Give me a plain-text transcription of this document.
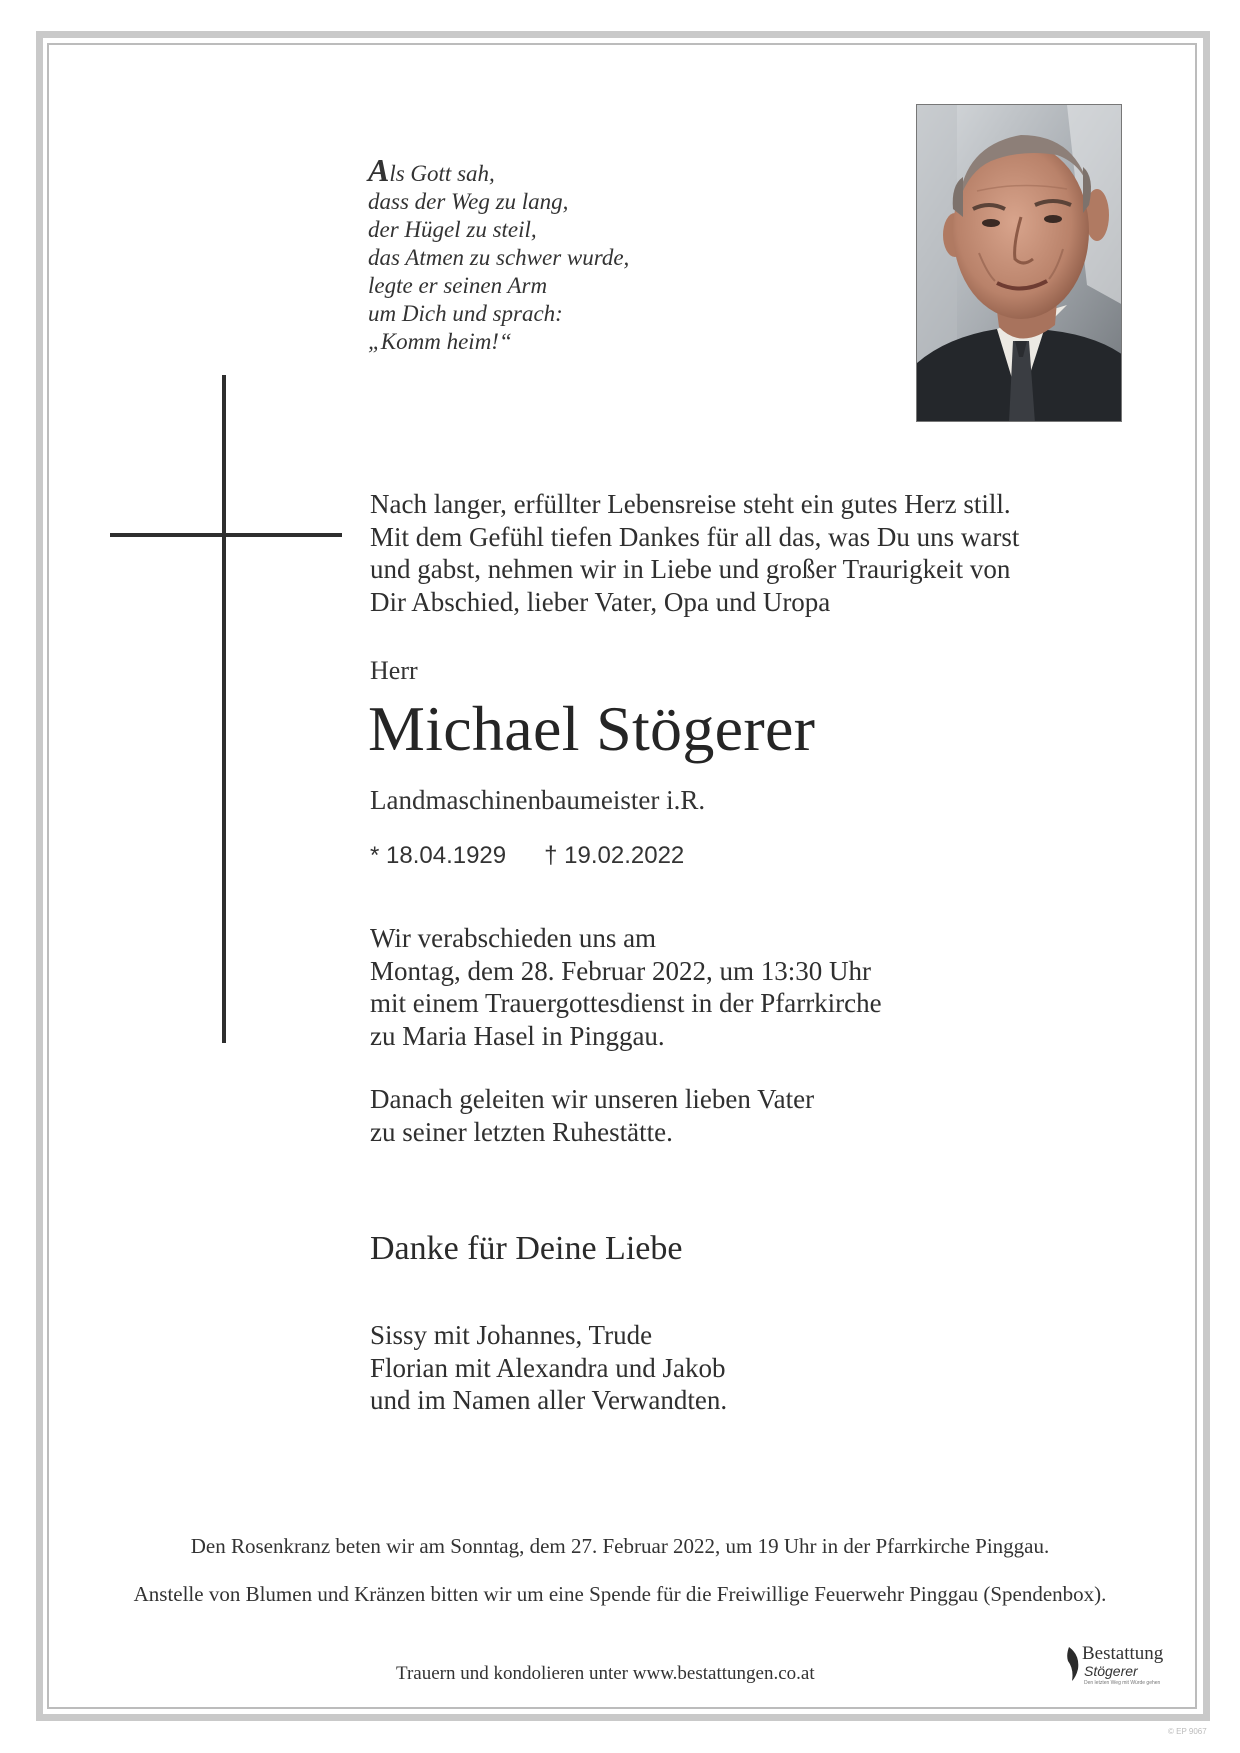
Als Gott sah,
dass der Weg zu lang,
der Hügel zu steil,
das Atmen zu schwer wurde,
legte er seinen Arm
um Dich und sprach:
„Komm heim!“
Nach langer, erfüllter Lebensreise steht ein gutes Herz still.
Mit dem Gefühl tiefen Dankes für all das, was Du uns warst
und gabst, nehmen wir in Liebe und großer Traurigkeit von
Dir Abschied, lieber Vater, Opa und Uropa
Herr
Michael Stögerer
Landmaschinenbaumeister i.R.
* 18.04.1929 † 19.02.2022
Wir verabschieden uns am
Montag, dem 28. Februar 2022, um 13:30 Uhr
mit einem Trauergottesdienst in der Pfarrkirche
zu Maria Hasel in Pinggau.
Danach geleiten wir unseren lieben Vater
zu seiner letzten Ruhestätte.
Danke für Deine Liebe
Sissy mit Johannes, Trude
Florian mit Alexandra und Jakob
und im Namen aller Verwandten.
Den Rosenkranz beten wir am Sonntag, dem 27. Februar 2022, um 19 Uhr in der Pfarrkirche Pinggau.
Anstelle von Blumen und Kränzen bitten wir um eine Spende für die Freiwillige Feuerwehr Pinggau (Spendenbox).
Trauern und kondolieren unter www.bestattungen.co.at
Bestattung
Stögerer
Den letzten Weg mit Würde gehen
© EP 9067
